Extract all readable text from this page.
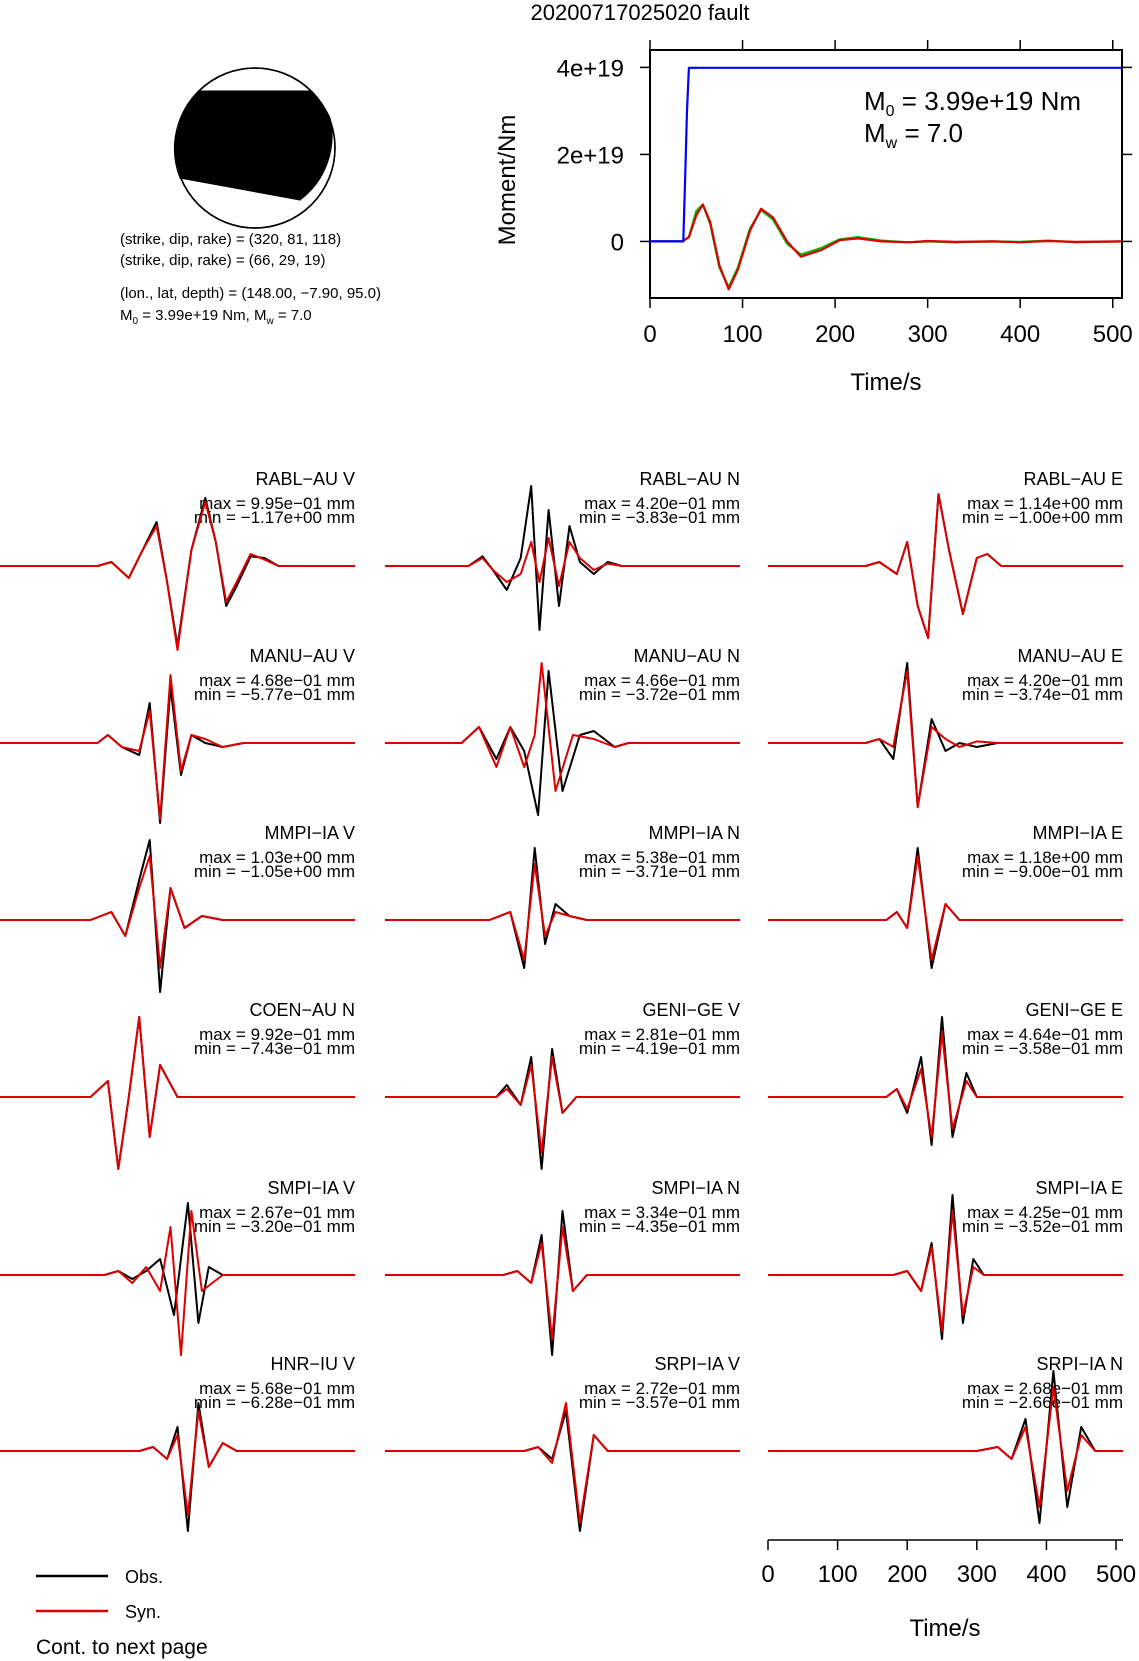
20200717025020 fault
(strike, dip, rake) = (320, 81, 118)
(strike, dip, rake) = (66, 29, 19)
(lon., lat, depth) = (148.00, −7.90, 95.0)
$M_0 = 3.99e+19$ Nm, $M_w = 7.0$
0	100 200 300 400 500
4e+19
2e+19
0
Time/s
Moment/Nm
$M_0 = 3.99e+19$ Nm
$M_w = 7.0$
RABL−AU V
max = 9.95e−01 mm
min = −1.17e+00 mm
RABL−AU N
max = 4.20e−01 mm
min = −3.83e−01 mm
RABL−AU E
max = 1.14e+00 mm
min = −1.00e+00 mm
MANU−AU V
max = 4.68e−01 mm
min = −5.77e−01 mm
MANU−AU N
max = 4.66e−01 mm
min = −3.72e−01 mm
MANU−AU E
max = 4.20e−01 mm
min = −3.74e−01 mm
MMPI−IA V
max = 1.03e+00 mm
min = −1.05e+00 mm
MMPI−IA N
max = 5.38e−01 mm
min = −3.71e−01 mm
MMPI−IA E
max = 1.18e+00 mm
min = −9.00e−01 mm
COEN−AU N
max = 9.92e−01 mm
min = −7.43e−01 mm
GENI−GE V
max = 2.81e−01 mm
min = −4.19e−01 mm
GENI−GE E
max = 4.64e−01 mm
min = −3.58e−01 mm
SMPI−IA V
max = 2.67e−01 mm
min = −3.20e−01 mm
SMPI−IA N
max = 3.34e−01 mm
min = −4.35e−01 mm
SMPI−IA E
max = 4.25e−01 mm
min = −3.52e−01 mm
HNR−IU V
max = 5.68e−01 mm
min = −6.28e−01 mm
SRPI−IA V
max = 2.72e−01 mm
min = −3.57e−01 mm
SRPI−IA N
max = 2.68e−01 mm
min = −2.66e−01 mm
0 100 200 300 400 500
Time/s
Obs.
Syn.
Cont. to next page
